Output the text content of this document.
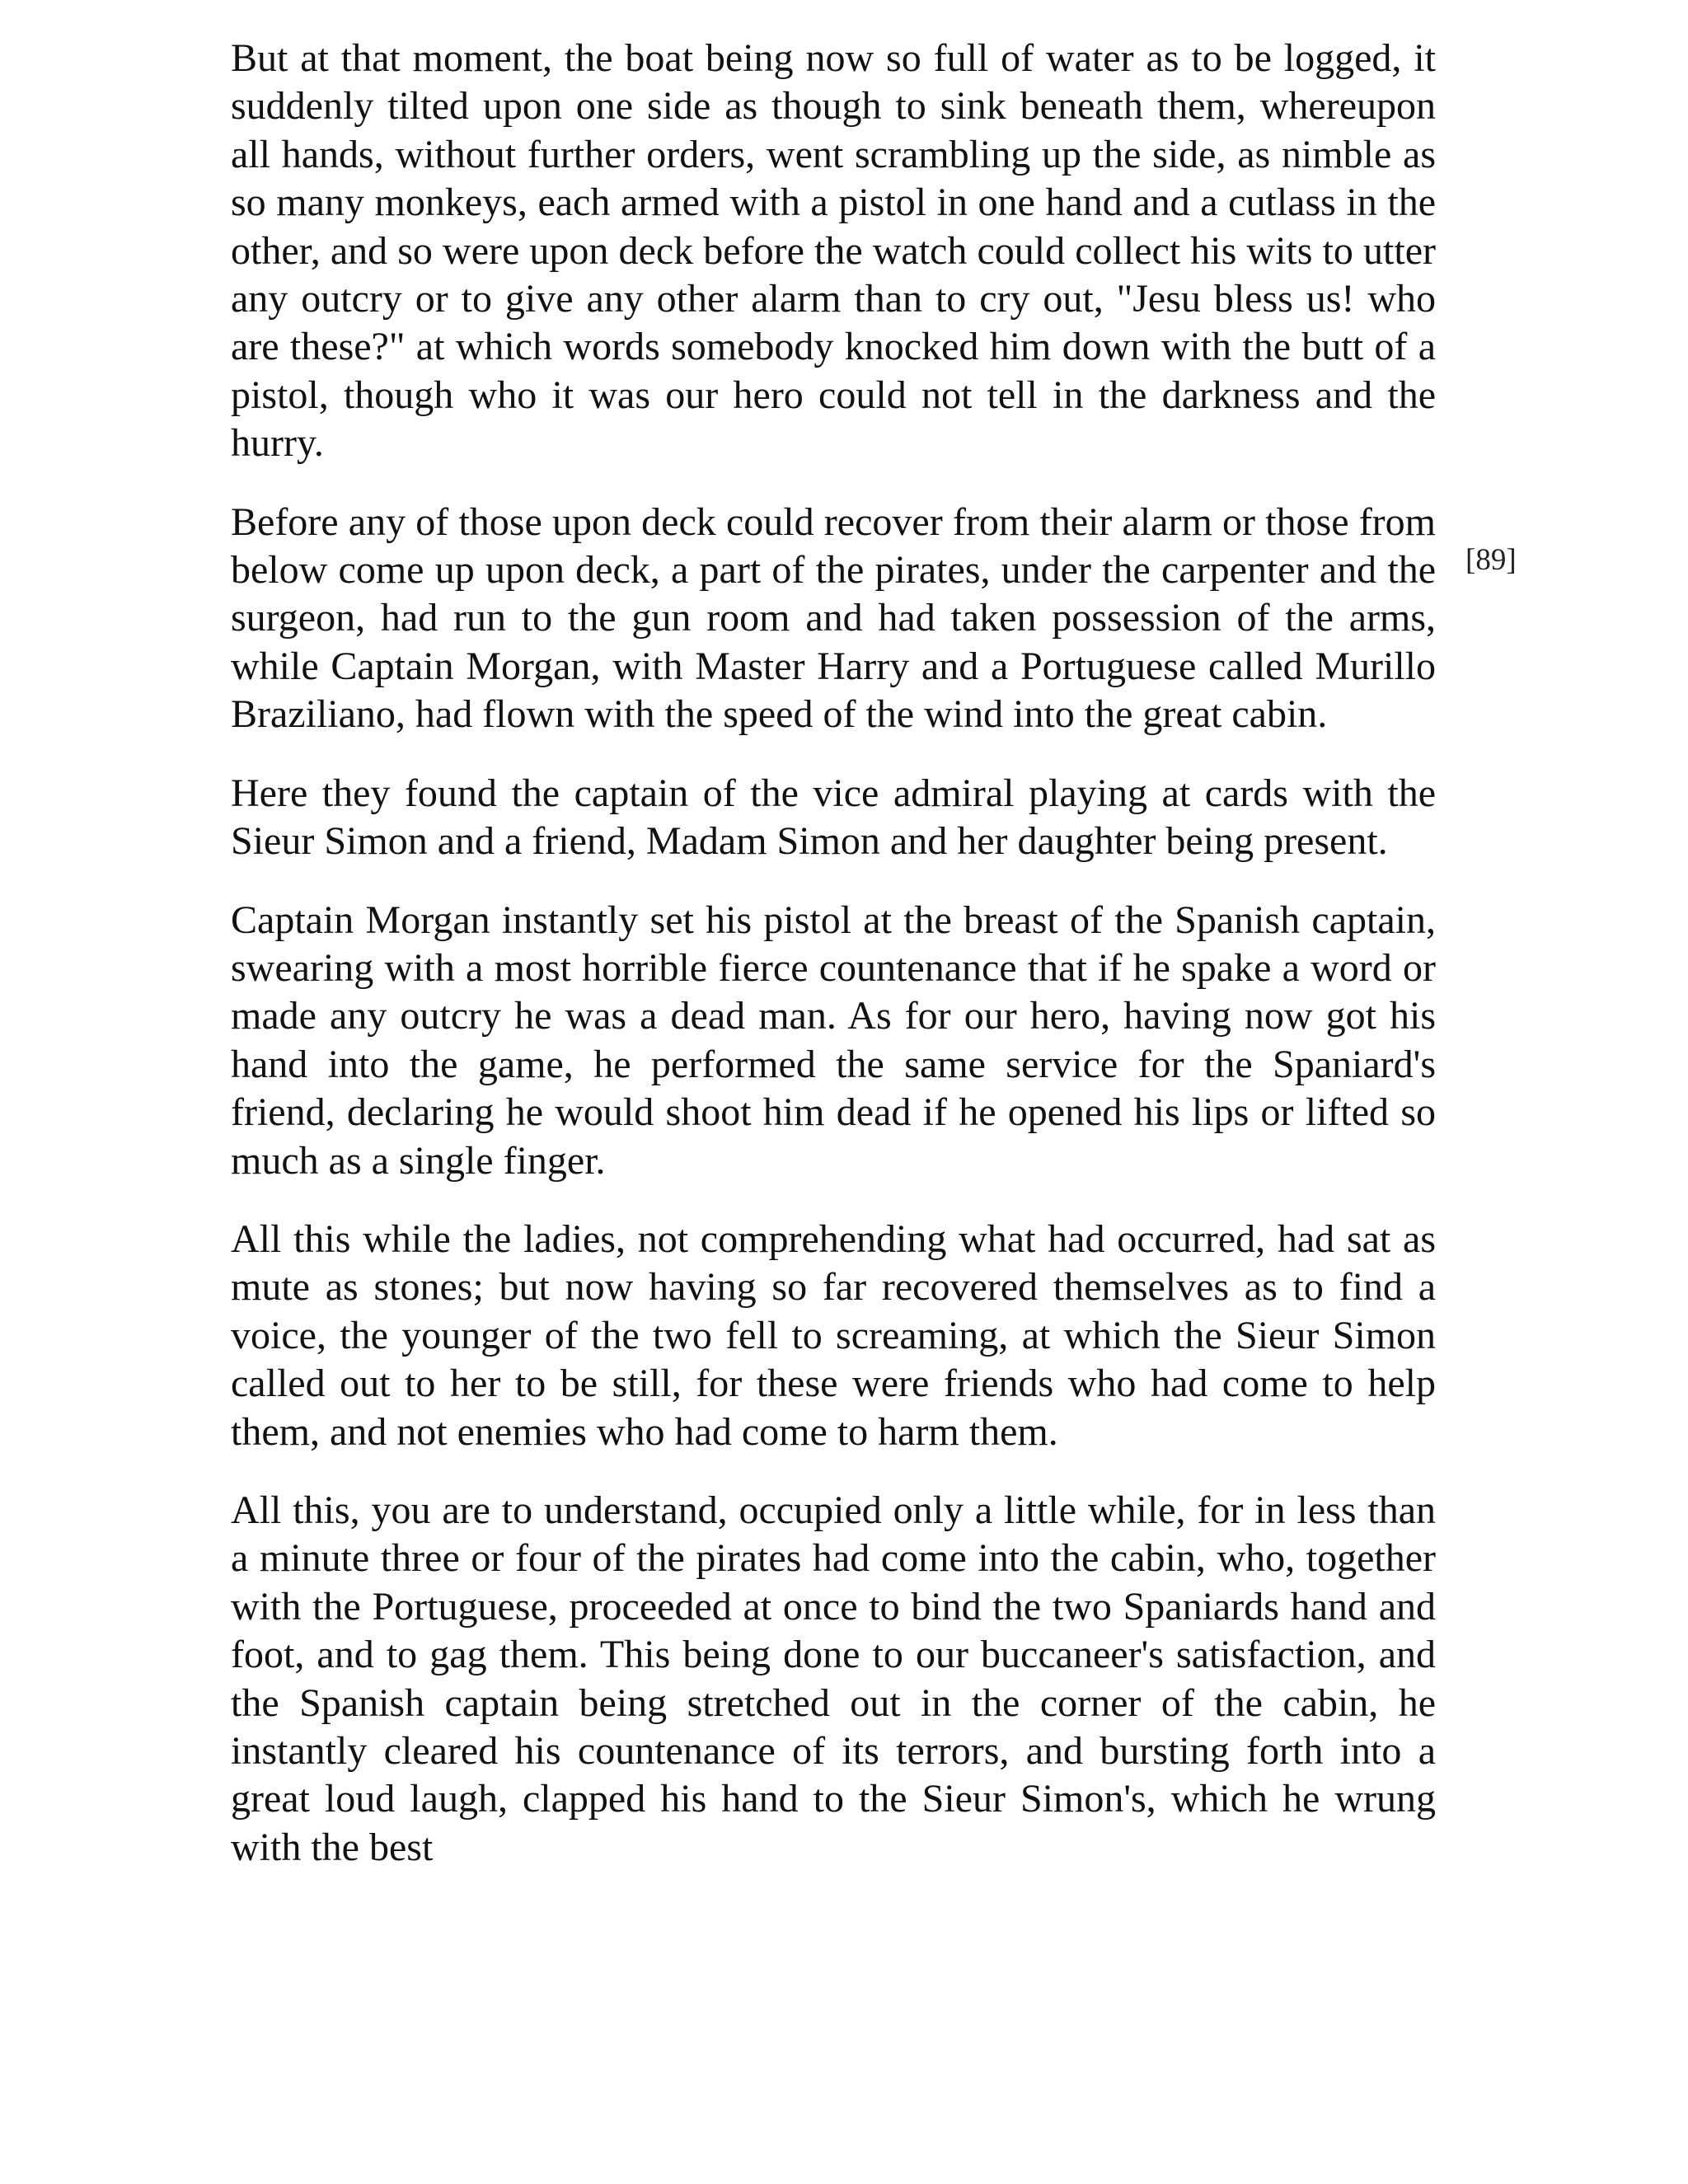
But at that moment, the boat being now so full of water as to be logged, it suddenly tilted upon one side as though to sink beneath them, whereupon all hands, without further orders, went scrambling up the side, as nimble as so many monkeys, each armed with a pistol in one hand and a cutlass in the other, and so were upon deck before the watch could collect his wits to utter any outcry or to give any other alarm than to cry out, "Jesu bless us! who are these?" at which words somebody knocked him down with the butt of a pistol, though who it was our hero could not tell in the darkness and the hurry.

Before any of those upon deck could recover from their alarm or those from below come up upon deck, a part of the pirates, under the carpenter and the surgeon, had run to the gun room and had taken possession of the arms, while Captain Morgan, with Master Harry and a Portuguese called Murillo Braziliano, had flown with the speed of the wind into the great cabin.

Here they found the captain of the vice admiral playing at cards with the Sieur Simon and a friend, Madam Simon and her daughter being present.

Captain Morgan instantly set his pistol at the breast of the Spanish captain, swearing with a most horrible fierce countenance that if he spake a word or made any outcry he was a dead man. As for our hero, having now got his hand into the game, he performed the same service for the Spaniard's friend, declaring he would shoot him dead if he opened his lips or lifted so much as a single finger.

All this while the ladies, not comprehending what had occurred, had sat as mute as stones; but now having so far recovered themselves as to find a voice, the younger of the two fell to screaming, at which the Sieur Simon called out to her to be still, for these were friends who had come to help them, and not enemies who had come to harm them.

All this, you are to understand, occupied only a little while, for in less than a minute three or four of the pirates had come into the cabin, who, together with the Portuguese, proceeded at once to bind the two Spaniards hand and foot, and to gag them. This being done to our buccaneer's satisfaction, and the Spanish captain being stretched out in the corner of the cabin, he instantly cleared his countenance of its terrors, and bursting forth into a great loud laugh, clapped his hand to the Sieur Simon's, which he wrung with the best

[89]
